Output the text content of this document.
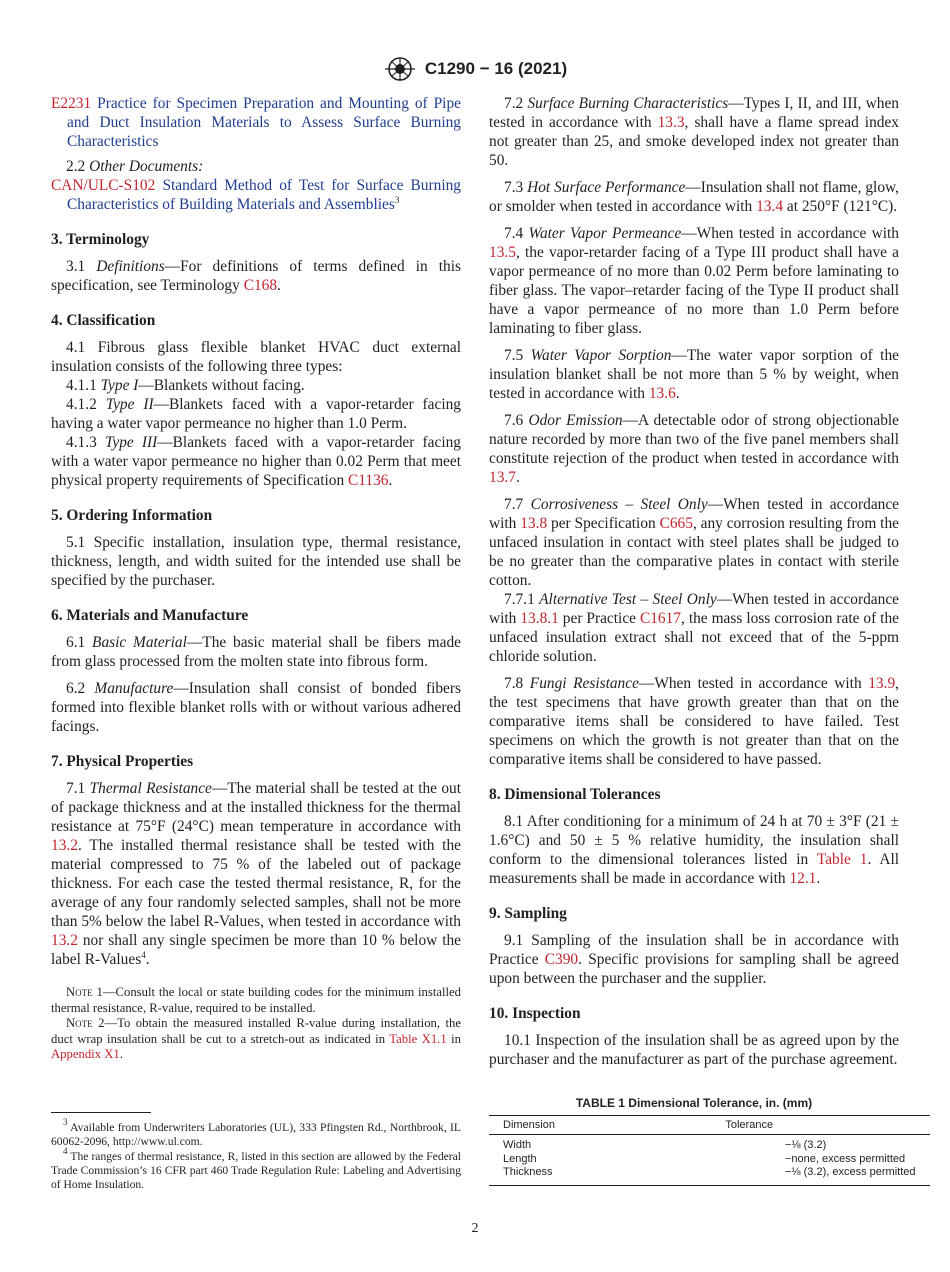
C1290 − 16 (2021)

E2231 Practice for Specimen Preparation and Mounting of Pipe and Duct Insulation Materials to Assess Surface Burning Characteristics

2.2 Other Documents:

CAN/ULC-S102 Standard Method of Test for Surface Burning Characteristics of Building Materials and Assemblies$^3$

3. Terminology

3.1 Definitions—For definitions of terms defined in this specification, see Terminology C168.

4. Classification

4.1 Fibrous glass flexible blanket HVAC duct external insulation consists of the following three types:

4.1.1 Type I—Blankets without facing.

4.1.2 Type II—Blankets faced with a vapor-retarder facing having a water vapor permeance no higher than 1.0 Perm.

4.1.3 Type III—Blankets faced with a vapor-retarder facing with a water vapor permeance no higher than 0.02 Perm that meet physical property requirements of Specification C1136.

5. Ordering Information

5.1 Specific installation, insulation type, thermal resistance, thickness, length, and width suited for the intended use shall be specified by the purchaser.

6. Materials and Manufacture

6.1 Basic Material—The basic material shall be fibers made from glass processed from the molten state into fibrous form.

6.2 Manufacture—Insulation shall consist of bonded fibers formed into flexible blanket rolls with or without various adhered facings.

7. Physical Properties

7.1 Thermal Resistance—The material shall be tested at the out of package thickness and at the installed thickness for the thermal resistance at 75°F (24°C) mean temperature in accordance with 13.2. The installed thermal resistance shall be tested with the material compressed to 75 % of the labeled out of package thickness. For each case the tested thermal resistance, R, for the average of any four randomly selected samples, shall not be more than 5% below the label R-Values, when tested in accordance with 13.2 nor shall any single specimen be more than 10 % below the label R-Values$^4$.

Note 1—Consult the local or state building codes for the minimum installed thermal resistance, R-value, required to be installed.

Note 2—To obtain the measured installed R-value during installation, the duct wrap insulation shall be cut to a stretch-out as indicated in Table X1.1 in Appendix X1.

$^3$ Available from Underwriters Laboratories (UL), 333 Pfingsten Rd., Northbrook, IL 60062-2096, http://www.ul.com.

$^4$ The ranges of thermal resistance, R, listed in this section are allowed by the Federal Trade Commission’s 16 CFR part 460 Trade Regulation Rule: Labeling and Advertising of Home Insulation.

7.2 Surface Burning Characteristics—Types I, II, and III, when tested in accordance with 13.3, shall have a flame spread index not greater than 25, and smoke developed index not greater than 50.

7.3 Hot Surface Performance—Insulation shall not flame, glow, or smolder when tested in accordance with 13.4 at 250°F (121°C).

7.4 Water Vapor Permeance—When tested in accordance with 13.5, the vapor-retarder facing of a Type III product shall have a vapor permeance of no more than 0.02 Perm before laminating to fiber glass. The vapor–retarder facing of the Type II product shall have a vapor permeance of no more than 1.0 Perm before laminating to fiber glass.

7.5 Water Vapor Sorption—The water vapor sorption of the insulation blanket shall be not more than 5 % by weight, when tested in accordance with 13.6.

7.6 Odor Emission—A detectable odor of strong objectionable nature recorded by more than two of the five panel members shall constitute rejection of the product when tested in accordance with 13.7.

7.7 Corrosiveness – Steel Only—When tested in accordance with 13.8 per Specification C665, any corrosion resulting from the unfaced insulation in contact with steel plates shall be judged to be no greater than the comparative plates in contact with sterile cotton.

7.7.1 Alternative Test – Steel Only—When tested in accordance with 13.8.1 per Practice C1617, the mass loss corrosion rate of the unfaced insulation extract shall not exceed that of the 5-ppm chloride solution.

7.8 Fungi Resistance—When tested in accordance with 13.9, the test specimens that have growth greater than that on the comparative items shall be considered to have failed. Test specimens on which the growth is not greater than that on the comparative items shall be considered to have passed.

8. Dimensional Tolerances

8.1 After conditioning for a minimum of 24 h at 70 ± 3°F (21 ± 1.6°C) and 50 ± 5 % relative humidity, the insulation shall conform to the dimensional tolerances listed in Table 1. All measurements shall be made in accordance with 12.1.

9. Sampling

9.1 Sampling of the insulation shall be in accordance with Practice C390. Specific provisions for sampling shall be agreed upon between the purchaser and the supplier.

10. Inspection

10.1 Inspection of the insulation shall be as agreed upon by the purchaser and the manufacturer as part of the purchase agreement.

TABLE 1 Dimensional Tolerance, in. (mm)
Dimension	Tolerance
Width	−⅛ (3.2)
Length	−none, excess permitted
Thickness	−⅛ (3.2), excess permitted
2
